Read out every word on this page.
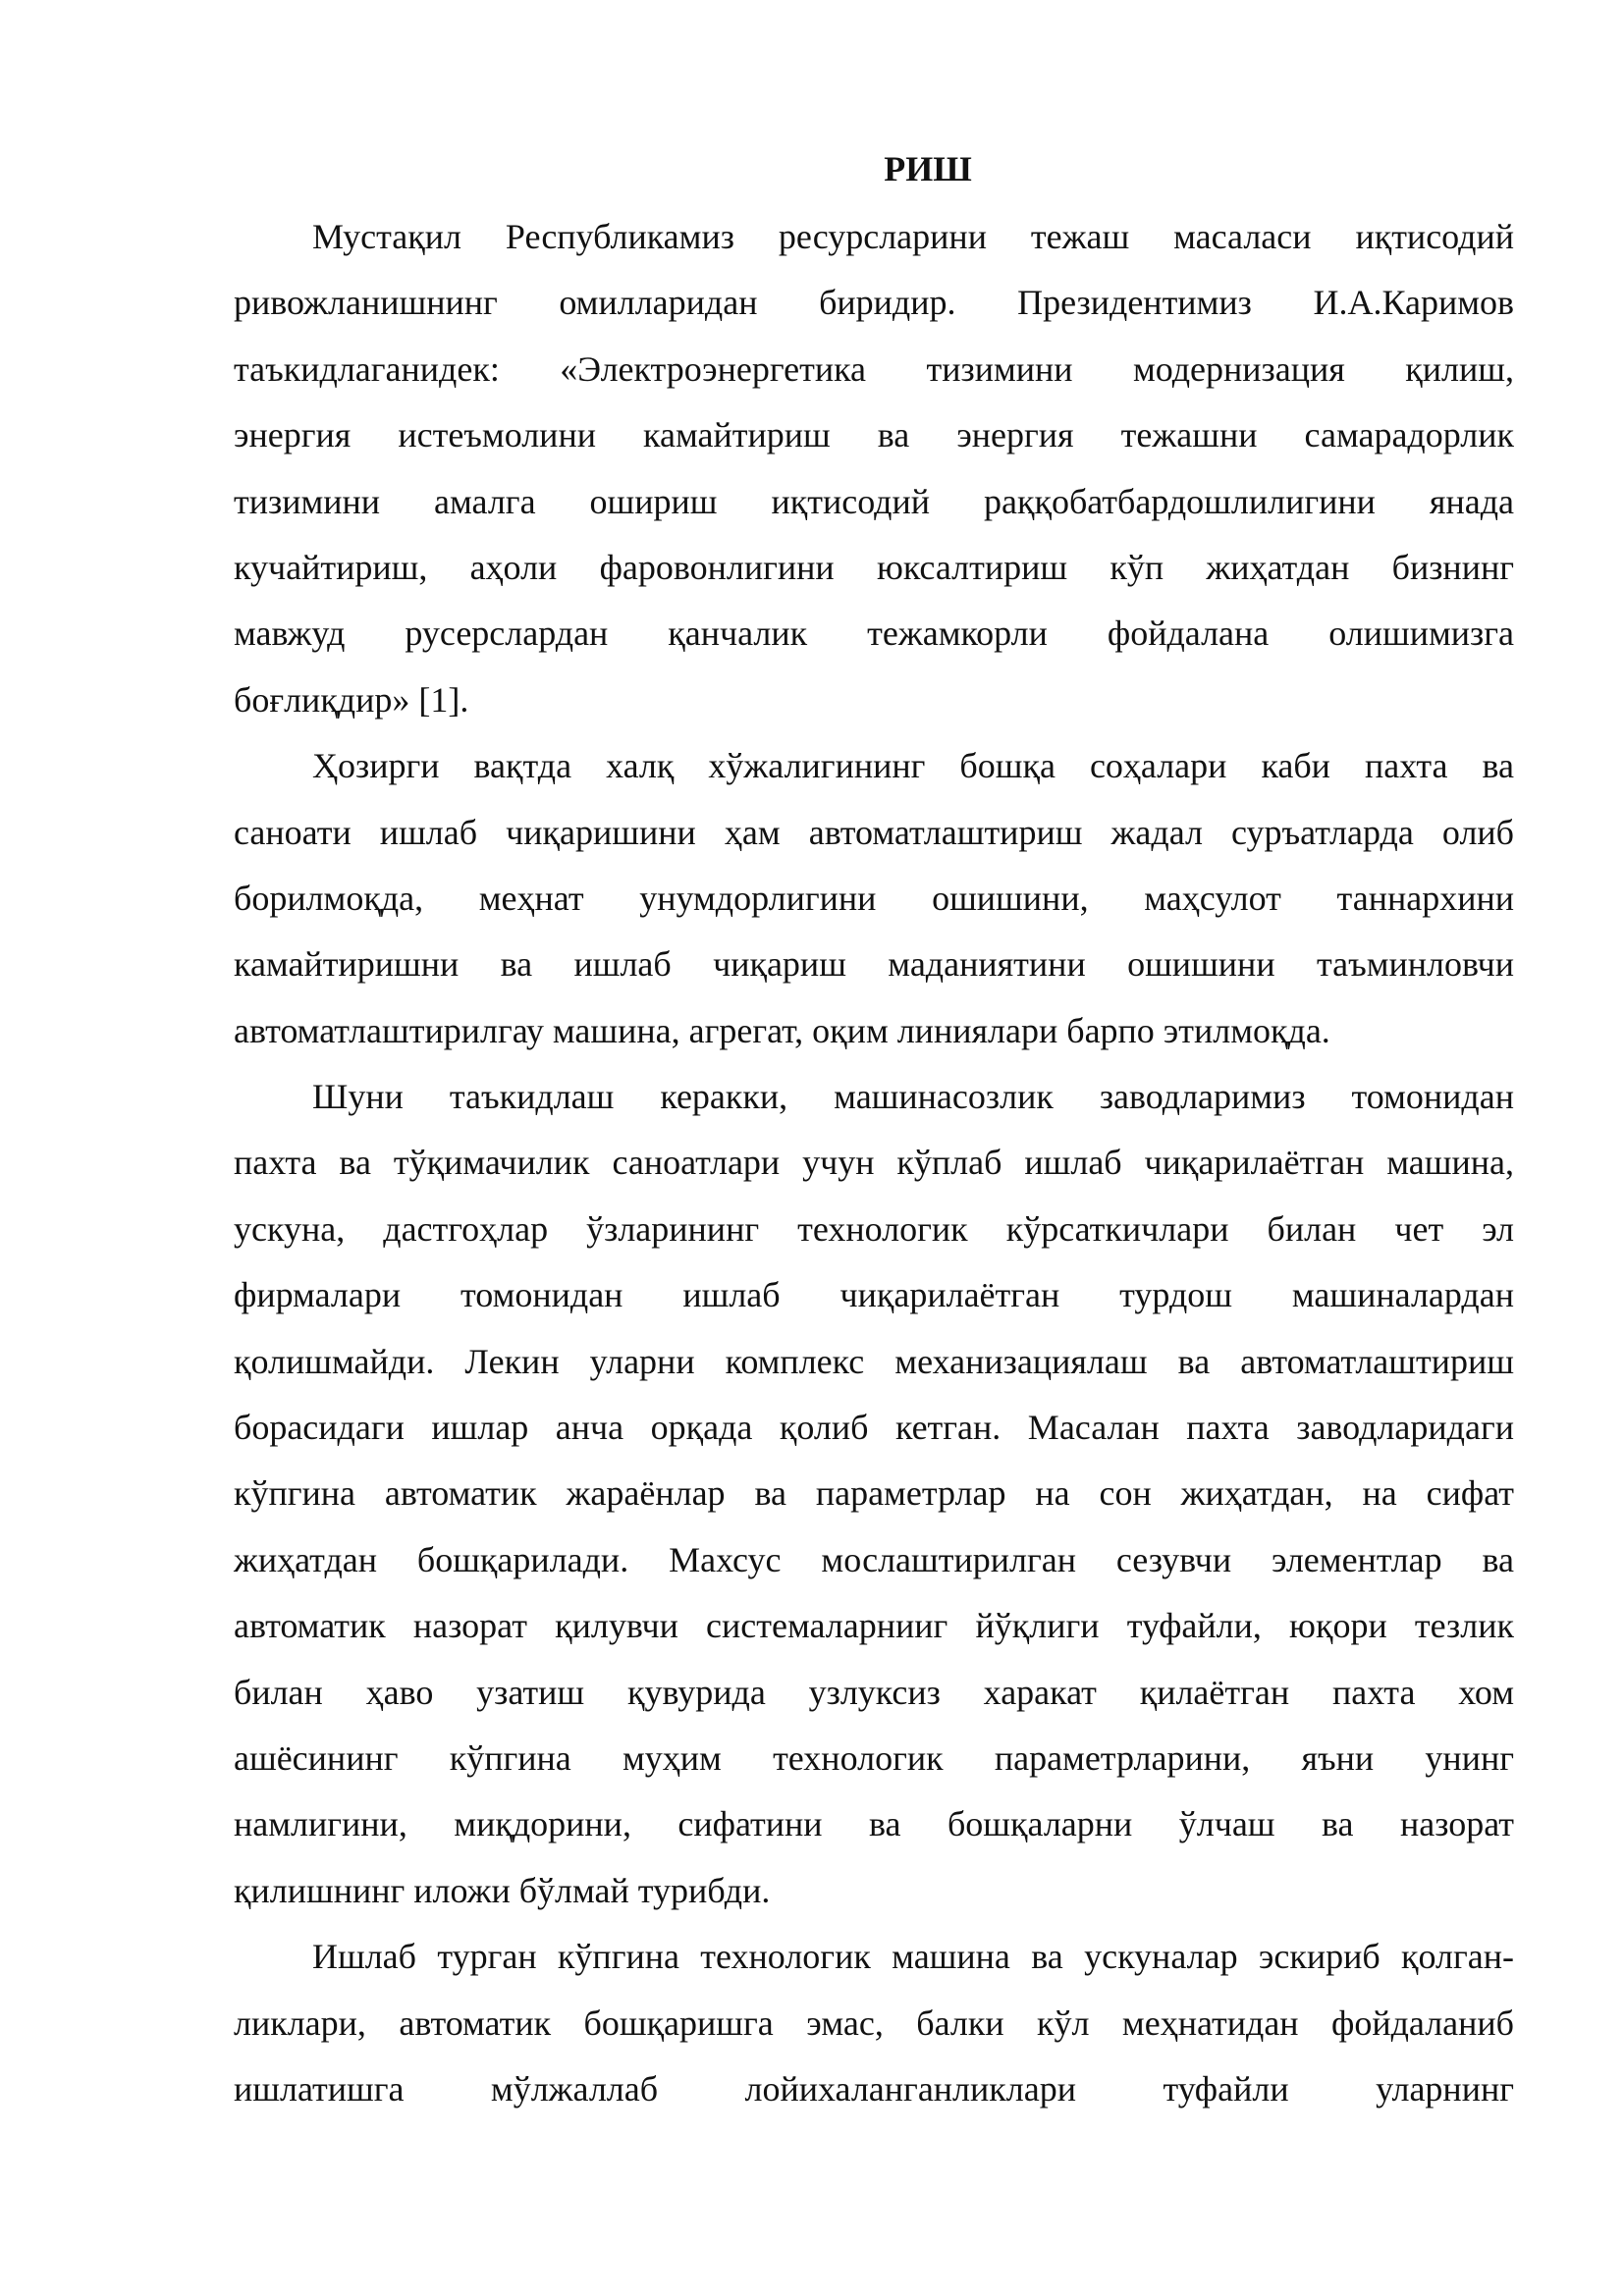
РИШ
Мустақил Республикамиз ресурсларини тежаш масаласи иқтисодий
ривожланишнинг омилларидан биридир. Президентимиз И.А.Каримов
таъкидлаганидек: «Электроэнергетика тизимини модернизация қилиш,
энергия истеъмолини камайтириш ва энергия тежашни самарадорлик
тизимини амалга ошириш иқтисодий раққобатбардошлилигини янада
кучайтириш, аҳоли фаровонлигини юксалтириш кўп жиҳатдан бизнинг
мавжуд русерслардан қанчалик тежамкорли фойдалана олишимизга
боғлиқдир» [1].
Ҳозирги вақтда халқ хўжалигининг бошқа соҳалари каби пахта ва
саноати ишлаб чиқаришини ҳам автоматлаштириш жадал суръатларда олиб
борилмоқда, меҳнат унумдорлигини ошишини, маҳсулот таннархини
камайтиришни ва ишлаб чиқариш маданиятини ошишини таъминловчи
автоматлаштирилгау машина, агрегат, оқим линиялари барпо этилмоқда.
Шуни таъкидлаш керакки, машинасозлик заводларимиз томонидан
пахта ва тўқимачилик саноатлари учун кўплаб ишлаб чиқарилаётган машина,
ускуна, дастгоҳлар ўзларининг технологик кўрсаткичлари билан чет эл
фирмалари томонидан ишлаб чиқарилаётган турдош машиналардан
қолишмайди. Лекин уларни комплекс механизациялаш ва автоматлаштириш
борасидаги ишлар анча орқада қолиб кетган. Масалан пахта заводларидаги
кўпгина автоматик жараёнлар ва параметрлар на сон жиҳатдан, на сифат
жиҳатдан бошқарилади. Махсус мослаштирилган сезувчи элементлар ва
автоматик назорат қилувчи системаларнииг йўқлиги туфайли, юқори тезлик
билан ҳаво узатиш қувурида узлуксиз харакат қилаётган пахта хом
ашёсининг кўпгина муҳим технологик параметрларини, яъни унинг
намлигини, миқдорини, сифатини ва бошқаларни ўлчаш ва назорат
қилишнинг иложи бўлмай турибди.
Ишлаб турган кўпгина технологик машина ва ускуналар эскириб қолган-
ликлари, автоматик бошқаришга эмас, балки кўл меҳнатидан фойдаланиб
ишлатишга мўлжаллаб лойихаланганликлари туфайли уларнинг
